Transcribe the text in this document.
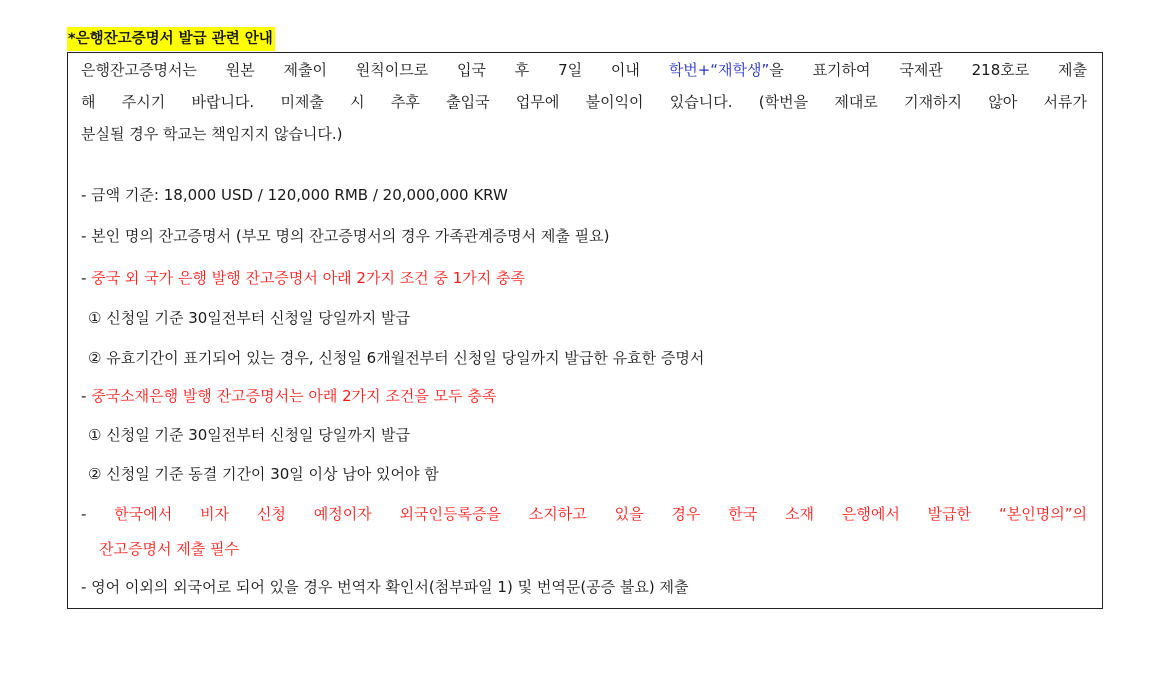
*은행잔고증명서 발급 관련 안내
은행잔고증명서는 원본 제출이 원칙이므로 입국 후 7일 이내 학번+“재학생”을 표기하여 국제관 218호로 제출
해 주시기 바랍니다. 미제출 시 추후 출입국 업무에 불이익이 있습니다. (학번을 제대로 기재하지 않아 서류가
분실될 경우 학교는 책임지지 않습니다.)
- 금액 기준: 18,000 USD / 120,000 RMB / 20,000,000 KRW
- 본인 명의 잔고증명서 (부모 명의 잔고증명서의 경우 가족관계증명서 제출 필요)
- 중국 외 국가 은행 발행 잔고증명서 아래 2가지 조건 중 1가지 충족
① 신청일 기준 30일전부터 신청일 당일까지 발급
② 유효기간이 표기되어 있는 경우, 신청일 6개월전부터 신청일 당일까지 발급한 유효한 증명서
- 중국소재은행 발행 잔고증명서는 아래 2가지 조건을 모두 충족
① 신청일 기준 30일전부터 신청일 당일까지 발급
② 신청일 기준 동결 기간이 30일 이상 남아 있어야 함
- 한국에서 비자 신청 예정이자 외국인등록증을 소지하고 있을 경우 한국 소재 은행에서 발급한 “본인명의”의
잔고증명서 제출 필수
- 영어 이외의 외국어로 되어 있을 경우 번역자 확인서(첨부파일 1) 및 번역문(공증 불요) 제출
